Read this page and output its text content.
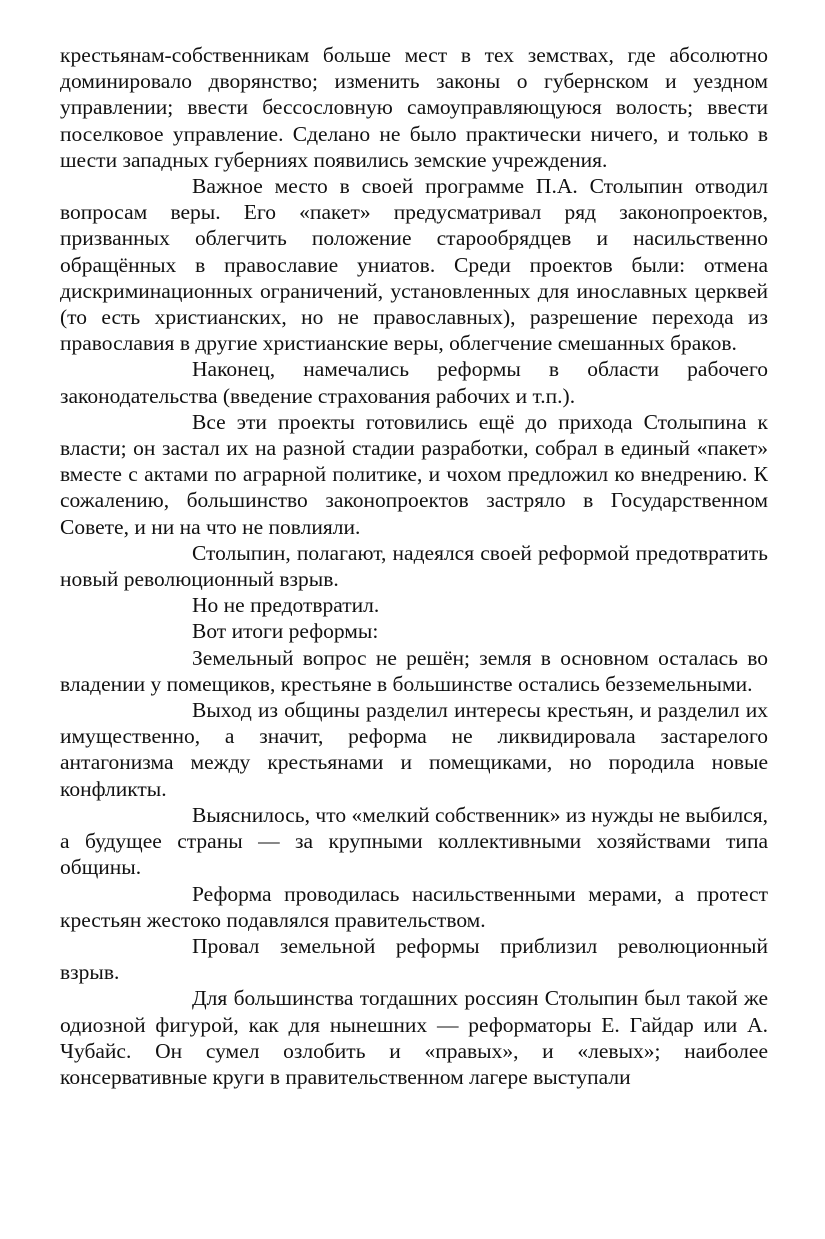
крестьянам-собственникам больше мест в тех земствах, где абсолютно доминировало дворянство; изменить законы о губернском и уездном управлении; ввести бессословную самоуправляющуюся волость; ввести поселковое управление. Сделано не было практически ничего, и только в шести западных губерниях появились земские учреждения.

Важное место в своей программе П.А. Столыпин отводил вопросам веры. Его «пакет» предусматривал ряд законопроектов, призванных облегчить положение старообрядцев и насильственно обращённых в православие униатов. Среди проектов были: отмена дискриминационных ограничений, установленных для инославных церквей (то есть христианских, но не православных), разрешение перехода из православия в другие христианские веры, облегчение смешанных браков.

Наконец, намечались реформы в области рабочего законодательства (введение страхования рабочих и т.п.).

Все эти проекты готовились ещё до прихода Столыпина к власти; он застал их на разной стадии разработки, собрал в единый «пакет» вместе с актами по аграрной политике, и чохом предложил ко внедрению. К сожалению, большинство законопроектов застряло в Государственном Совете, и ни на что не повлияли.

Столыпин, полагают, надеялся своей реформой предотвратить новый революционный взрыв.

Но не предотвратил.

Вот итоги реформы:

Земельный вопрос не решён; земля в основном осталась во владении у помещиков, крестьяне в большинстве остались безземельными.

Выход из общины разделил интересы крестьян, и разделил их имущественно, а значит, реформа не ликвидировала застарелого антагонизма между крестьянами и помещиками, но породила новые конфликты.

Выяснилось, что «мелкий собственник» из нужды не выбился, а будущее страны — за крупными коллективными хозяйствами типа общины.

Реформа проводилась насильственными мерами, а протест крестьян жестоко подавлялся правительством.

Провал земельной реформы приблизил революционный взрыв.

Для большинства тогдашних россиян Столыпин был такой же одиозной фигурой, как для нынешних — реформаторы Е. Гайдар или А. Чубайс. Он сумел озлобить и «правых», и «левых»; наиболее консервативные круги в правительственном лагере выступали
